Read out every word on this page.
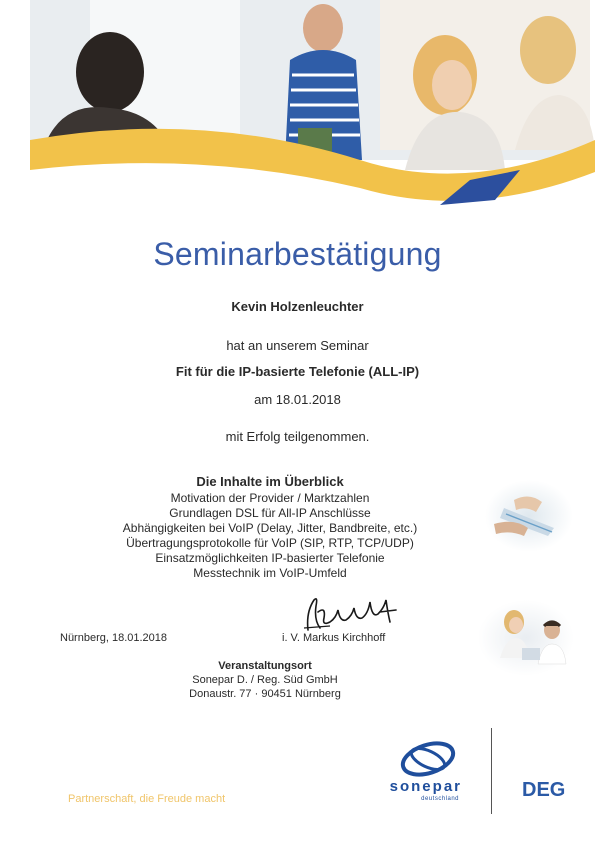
Seminarbestätigung
Kevin Holzenleuchter
hat an unserem Seminar
Fit für die IP-basierte Telefonie (ALL-IP)
am 18.01.2018
mit Erfolg teilgenommen.
Die Inhalte im Überblick
Motivation der Provider / Marktzahlen
Grundlagen DSL für All-IP Anschlüsse
Abhängigkeiten bei VoIP (Delay, Jitter, Bandbreite, etc.)
Übertragungsprotokolle für VoIP (SIP, RTP, TCP/UDP)
Einsatzmöglichkeiten IP-basierter Telefonie
Messtechnik im VoIP-Umfeld
Nürnberg, 18.01.2018	i. V. Markus Kirchhoff
Veranstaltungsort
Sonepar D. / Reg. Süd GmbH
Donaustr. 77 · 90451 Nürnberg
Partnerschaft, die Freude macht
sonepar
deutschland	DEG
